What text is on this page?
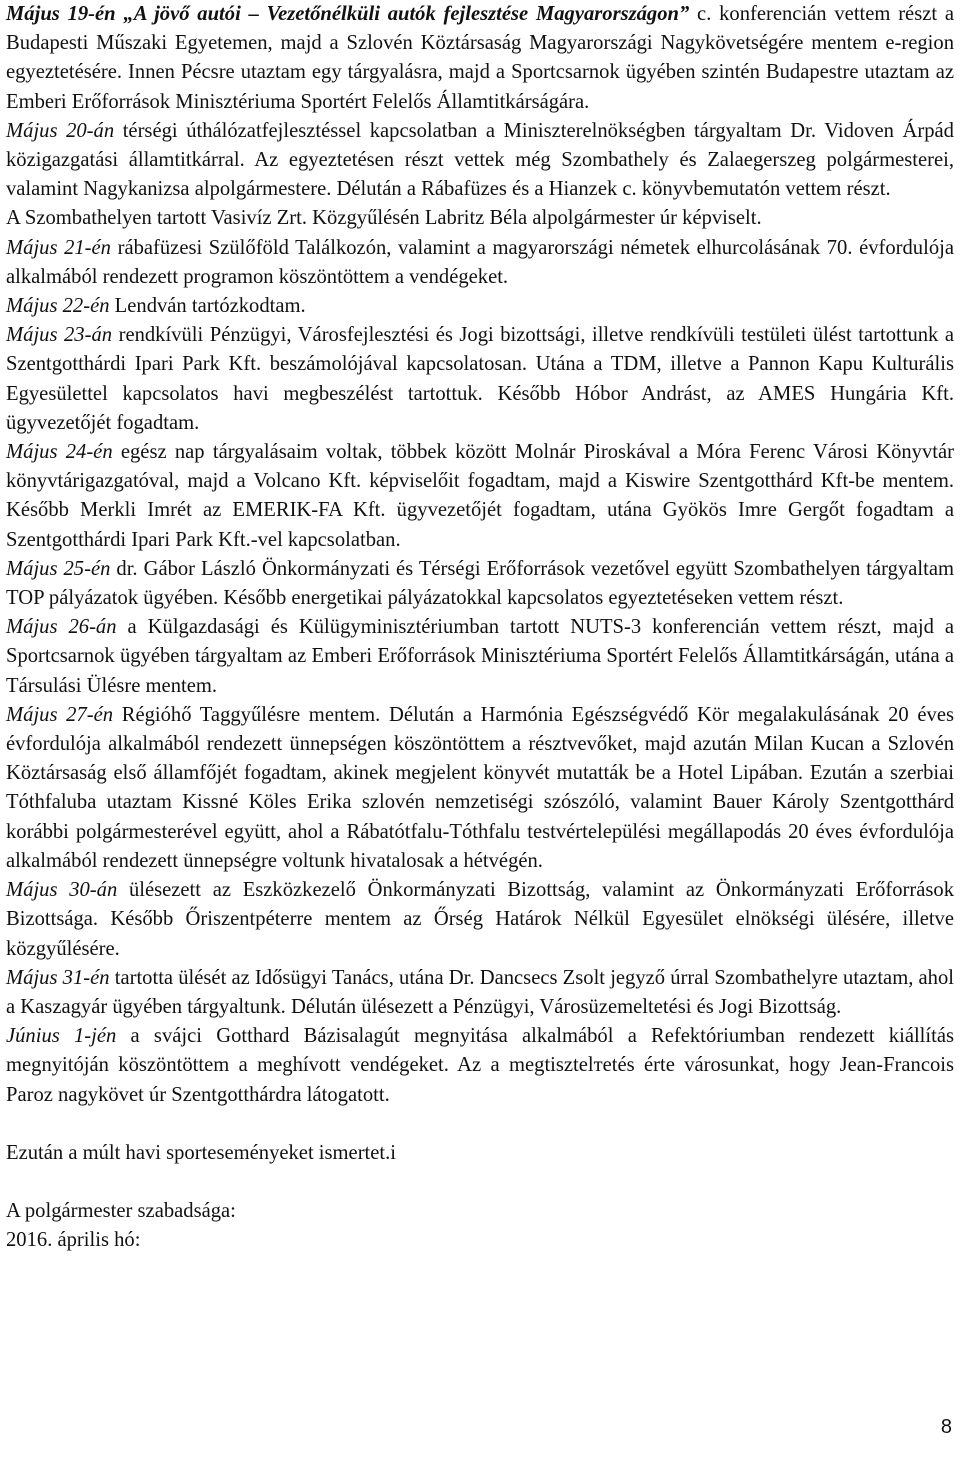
Május 19-én „A jövő autói – Vezetőnélküli autók fejlesztése Magyarországon” c. konferencián vettem részt a Budapesti Műszaki Egyetemen, majd a Szlovén Köztársaság Magyarországi Nagykövetségére mentem e-region egyeztetésére. Innen Pécsre utaztam egy tárgyalásra, majd a Sportcsarnok ügyében szintén Budapestre utaztam az Emberi Erőforrások Minisztériuma Sportért Felelős Államtitkárságára.

Május 20-án térségi úthálózatfejlesztéssel kapcsolatban a Miniszterelnökségben tárgyaltam Dr. Vidoven Árpád közigazgatási államtitkárral. Az egyeztetésen részt vettek még Szombathely és Zalaegerszeg polgármesterei, valamint Nagykanizsa alpolgármestere. Délután a Rábafüzes és a Hianzek c. könyvbemutatón vettem részt.

A Szombathelyen tartott Vasivíz Zrt. Közgyűlésén Labritz Béla alpolgármester úr képviselt.

Május 21-én rábafüzesi Szülőföld Találkozón, valamint a magyarországi németek elhurcolásának 70. évfordulója alkalmából rendezett programon köszöntöttem a vendégeket.

Május 22-én Lendván tartózkodtam.

Május 23-án rendkívüli Pénzügyi, Városfejlesztési és Jogi bizottsági, illetve rendkívüli testületi ülést tartottunk a Szentgotthárdi Ipari Park Kft. beszámolójával kapcsolatosan. Utána a TDM, illetve a Pannon Kapu Kulturális Egyesülettel kapcsolatos havi megbeszélést tartottuk. Később Hóbor Andrást, az AMES Hungária Kft. ügyvezetőjét fogadtam.

Május 24-én egész nap tárgyalásaim voltak, többek között Molnár Piroskával a Móra Ferenc Városi Könyvtár könyvtárigazgatóval, majd a Volcano Kft. képviselőit fogadtam, majd a Kiswire Szentgotthárd Kft-be mentem. Később Merkli Imrét az EMERIK-FA Kft. ügyvezetőjét fogadtam, utána Gyökös Imre Gergőt fogadtam a Szentgotthárdi Ipari Park Kft.-vel kapcsolatban.

Május 25-én dr. Gábor László Önkormányzati és Térségi Erőforrások vezetővel együtt Szombathelyen tárgyaltam TOP pályázatok ügyében. Később energetikai pályázatokkal kapcsolatos egyeztetéseken vettem részt.

Május 26-án a Külgazdasági és Külügyminisztériumban tartott NUTS-3 konferencián vettem részt, majd a Sportcsarnok ügyében tárgyaltam az Emberi Erőforrások Minisztériuma Sportért Felelős Államtitkárságán, utána a Társulási Ülésre mentem.

Május 27-én Régióhő Taggyűlésre mentem. Délután a Harmónia Egészségvédő Kör megalakulásának 20 éves évfordulója alkalmából rendezett ünnepségen köszöntöttem a résztvevőket, majd azután Milan Kucan a Szlovén Köztársaság első államfőjét fogadtam, akinek megjelent könyvét mutatták be a Hotel Lipában. Ezután a szerbiai Tóthfaluba utaztam Kissné Köles Erika szlovén nemzetiségi szószóló, valamint Bauer Károly Szentgotthárd korábbi polgármesterével együtt, ahol a Rábatótfalu-Tóthfalu testvértelepülési megállapodás 20 éves évfordulója alkalmából rendezett ünnepségre voltunk hivatalosak a hétvégén.

Május 30-án ülésezett az Eszközkezelő Önkormányzati Bizottság, valamint az Önkormányzati Erőforrások Bizottsága. Később Őriszentpéterre mentem az Őrség Határok Nélkül Egyesület elnökségi ülésére, illetve közgyűlésére.

Május 31-én tartotta ülését az Idősügyi Tanács, utána Dr. Dancsecs Zsolt jegyző úrral Szombathelyre utaztam, ahol a Kaszagyár ügyében tárgyaltunk. Délután ülésezett a Pénzügyi, Városüzemeltetési és Jogi Bizottság.

Június 1-jén a svájci Gotthard Bázisalagút megnyitása alkalmából a Refektóriumban rendezett kiállítás megnyitóján köszöntöttem a meghívott vendégeket. Az a megtisztelтetés érte városunkat, hogy Jean-Francois Paroz nagykövet úr Szentgotthárdra látogatott.

Ezután a múlt havi sporteseményeket ismertet.i

A polgármester szabadsága:

2016. április hó:

8
